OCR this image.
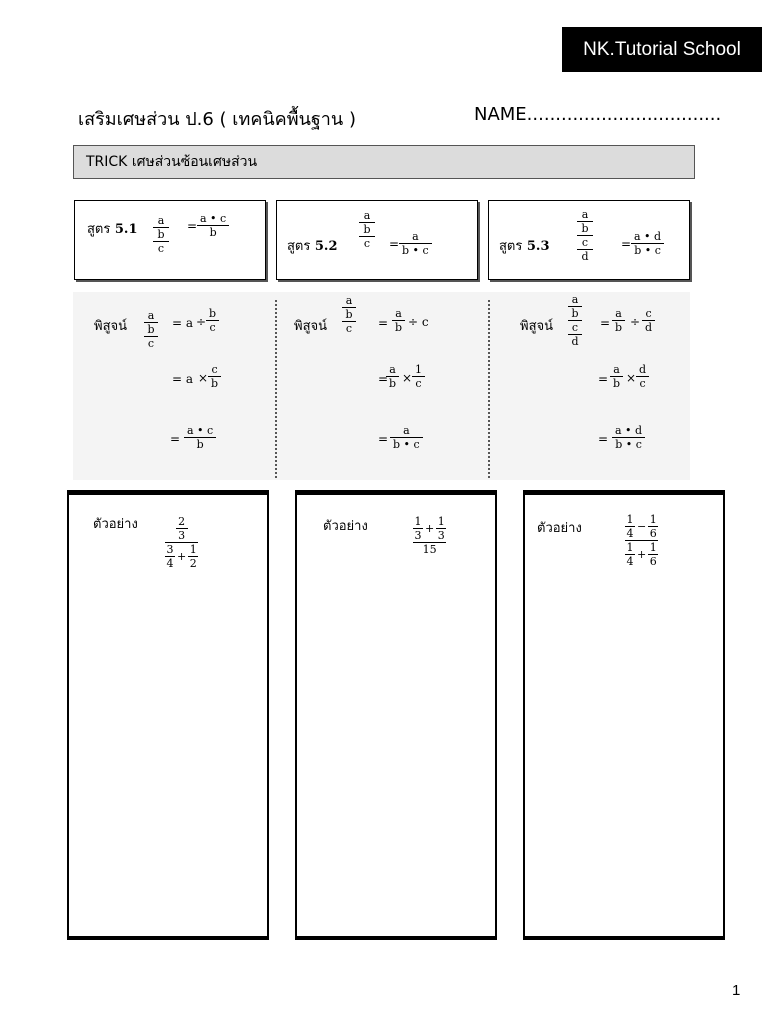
NK.Tutorial School
เสริมเศษส่วน ป.6 ( เทคนิคพื้นฐาน )	NAME..................................
TRICK เศษส่วนซ้อนเศษส่วน
สูตร 5.1
a
b
c
=
a • c
b
สูตร 5.2
a
b
c =
a
b • c	สูตร 5.3
a
b
c
d
=
a • d
b • c
พิสูจน์
a
b
c
= a ÷
b
c
= a ×
c
b
=
a • c
b
พิสูจน์
a
b
c =
a
b ÷ c
=
a
b ×
1
c
=
a
b • c
พิสูจน์
a
b
c
d
=
a
b ÷
c
d
=
a
b ×
d
c
=
a • d
b • c
ตัวอย่าง	2
3
3
4
+
1
2
ตัวอย่าง	1
3
+
1
3
15
ตัวอย่าง
1
4
−
1
6
1
4
+
1
6
1
